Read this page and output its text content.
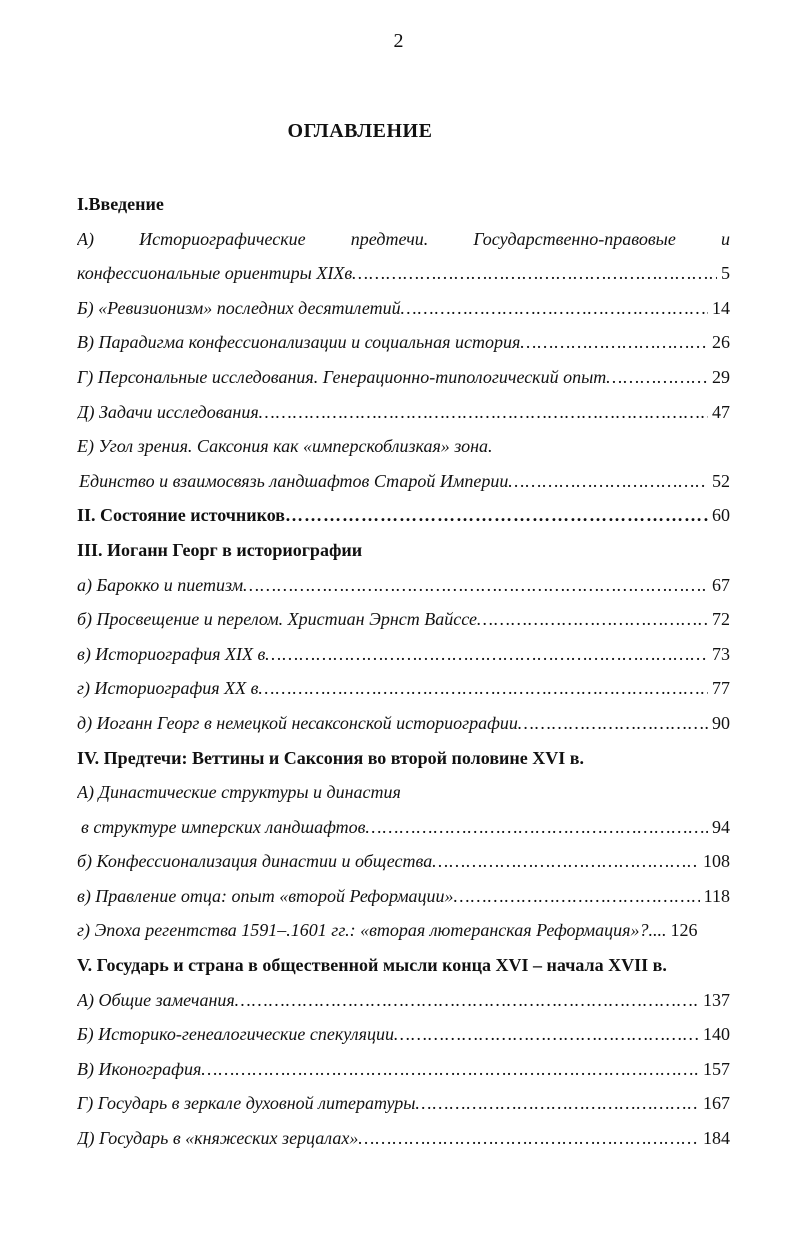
2
ОГЛАВЛЕНИЕ
I.Введение
А) Историографические предтечи. Государственно-правовые и
конфессиональные ориентиры XIXв …………………………………………………………………………………………………………………………………………………………………………………………	5
Б) «Ревизионизм» последних десятилетий …………………………………………………………………………………………………………………………………………………………………………………………	14
В) Парадигма конфессионализации и социальная история …………………………………………………………………………………………………………………………………………………………………………………………	26
Г) Персональные исследования. Генерационно-типологический опыт …………………………………………………………………………………………………………………………………………………………………………………………	29
Д) Задачи исследования …………………………………………………………………………………………………………………………………………………………………………………………	47
Е) Угол зрения. Саксония как «имперскоблизкая» зона.
Единство и взаимосвязь ландшафтов Старой Империи …………………………………………………………………………………………………………………………………………………………………………………………	52
II. Состояние источников …………………………………………………………………………………………………………………………………………………………………………………………	60
III. Иоганн Георг в историографии
а) Барокко и пиетизм …………………………………………………………………………………………………………………………………………………………………………………………	67
б) Просвещение и перелом. Христиан Эрнст Вайссе …………………………………………………………………………………………………………………………………………………………………………………………	72
в) Историография XIX в …………………………………………………………………………………………………………………………………………………………………………………………	73
г) Историография XX в …………………………………………………………………………………………………………………………………………………………………………………………	77
д) Иоганн Георг в немецкой несаксонской историографии …………………………………………………………………………………………………………………………………………………………………………………………	90
IV. Предтечи: Веттины и Саксония во второй половине XVI в.
А) Династические структуры и династия
в структуре имперских ландшафтов …………………………………………………………………………………………………………………………………………………………………………………………	94
б) Конфессионализация династии и общества …………………………………………………………………………………………………………………………………………………………………………………………	108
в) Правление отца: опыт «второй Реформации» …………………………………………………………………………………………………………………………………………………………………………………………	118
г) Эпоха регентства 1591–.1601 гг.: «вторая лютеранская Реформация»?.... 126
V. Государь и страна в общественной мысли конца XVI – начала XVII в.
А) Общие замечания …………………………………………………………………………………………………………………………………………………………………………………………	137
Б) Историко-генеалогические спекуляции …………………………………………………………………………………………………………………………………………………………………………………………	140
В) Иконография …………………………………………………………………………………………………………………………………………………………………………………………	157
Г) Государь в зеркале духовной литературы …………………………………………………………………………………………………………………………………………………………………………………………	167
Д) Государь в «княжеских зерцалах» …………………………………………………………………………………………………………………………………………………………………………………………	184
